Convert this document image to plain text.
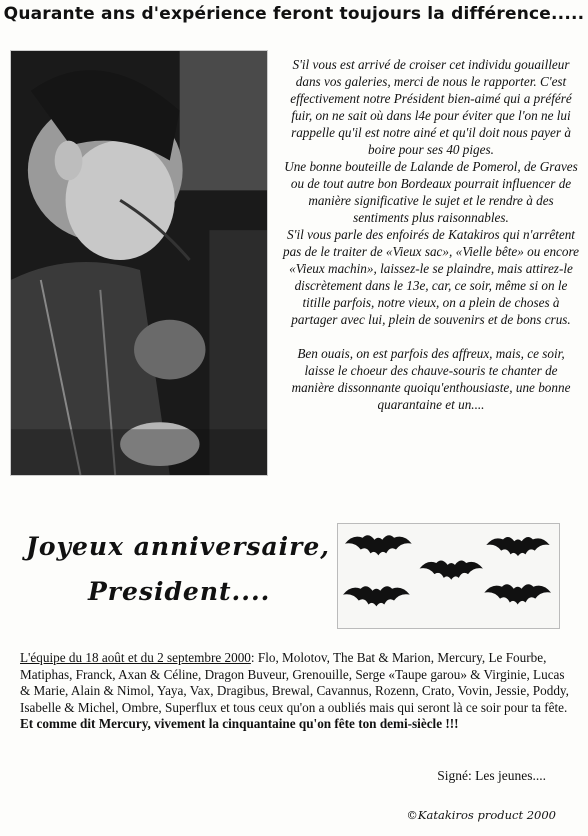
Quarante ans d'expérience feront toujours la différence.....

S'il vous est arrivé de croiser cet individu gouailleur dans vos galeries, merci de nous le rapporter. C'est effectivement notre Président bien-aimé qui a préféré fuir, on ne sait où dans l4e pour éviter que l'on ne lui rappelle qu'il est notre ainé et qu'il doit nous payer à boire pour ses 40 piges.

Une bonne bouteille de Lalande de Pomerol, de Graves ou de tout autre bon Bordeaux pourrait influencer de manière significative le sujet et le rendre à des sentiments plus raisonnables.

S'il vous parle des enfoirés de Katakiros qui n'arrêtent pas de le traiter de «Vieux sac», «Vielle bête» ou encore «Vieux machin», laissez-le se plaindre, mais attirez-le discrètement dans le 13e, car, ce soir, même si on le titille parfois, notre vieux, on a plein de choses à partager avec lui, plein de souvenirs et de bons crus.

Ben ouais, on est parfois des affreux, mais, ce soir, laisse le choeur des chauve-souris te chanter de manière dissonnante quoiqu'enthousiaste, une bonne quarantaine et un....

Joyeux anniversaire,
President....
L'équipe du 18 août et du 2 septembre 2000: Flo, Molotov, The Bat & Marion, Mercury, Le Fourbe, Matiphas, Franck, Axan & Céline, Dragon Buveur, Grenouille, Serge «Taupe garou» & Virginie, Lucas & Marie, Alain & Nimol, Yaya, Vax, Dragibus, Brewal, Cavannus, Rozenn, Crato, Vovin, Jessie, Poddy, Isabelle & Michel, Ombre, Superflux et tous ceux qu'on a oubliés mais qui seront là ce soir pour ta fête. Et comme dit Mercury, vivement la cinquantaine qu'on fête ton demi-siècle !!!
Signé: Les jeunes....
©Katakiros product 2000
